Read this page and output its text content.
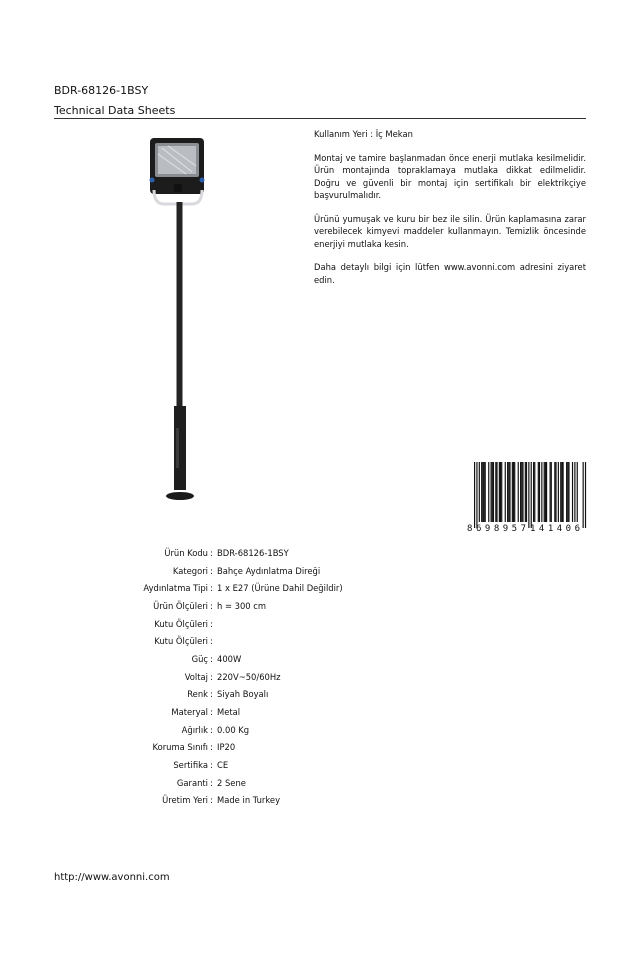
BDR-68126-1BSY
Technical Data Sheets

Kullanım Yeri : İç Mekan

Montaj ve tamire başlanmadan önce enerji mutlaka kesilmelidir. Ürün montajında topraklamaya mutlaka dikkat edilmelidir. Doğru ve güvenli bir montaj için sertifikalı bir elektrikçiye başvurulmalıdır.

Ürünü yumuşak ve kuru bir bez ile silin. Ürün kaplamasına zarar verebilecek kimyevi maddeler kullanmayın. Temizlik öncesinde enerjiyi mutlaka kesin.

Daha detaylı bilgi için lütfen www.avonni.com adresini ziyaret edin.

8 698957 141406
Ürün Kodu : BDR-68126-1BSY
Kategori : Bahçe Aydınlatma Direği
Aydınlatma Tipi : 1 x E27 (Ürüne Dahil Değildir)
Ürün Ölçüleri : h = 300 cm
Kutu Ölçüleri :
Kutu Ölçüleri :
Güç : 400W
Voltaj : 220V~50/60Hz
Renk : Siyah Boyalı
Materyal : Metal
Ağırlık : 0.00 Kg
Koruma Sınıfı : IP20
Sertifika : CE
Garanti : 2 Sene
Üretim Yeri : Made in Turkey
http://www.avonni.com
